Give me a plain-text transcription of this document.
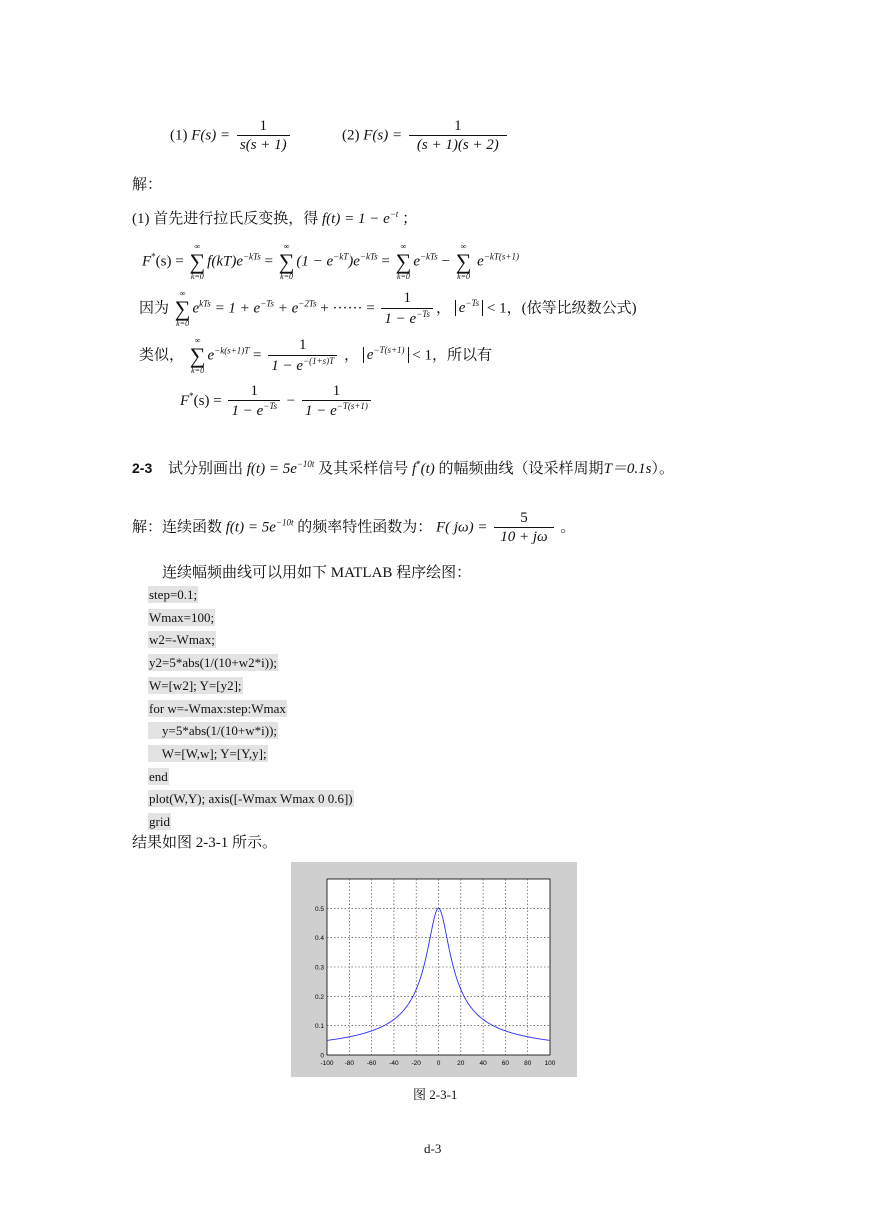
(1) $F(s) = \frac{1}{s(s + 1)}$	(2) $F(s) = \frac{1}{(s + 1)(s + 2)}$
解：
(1) 首先进行拉氏反变换，得 $f(t) = 1 - e^{-t}$ ；
F*(s) =
∞
∑
k=0
$f(kT)e^{-kTs}$ =
∞
∑
k=0
$(1 - e^{-kT})e^{-kTs}$ =
∞
∑
k=0
$e^{-kTs}$ −
∞
∑
k=0
$e^{-kT(s+1)}$
因为
∞
∑
k=0
$e^{kTs} = 1 + e^{-Ts} + e^{-2Ts}$ + ······ = $\frac{1}{1 - e^{-Ts}}$ ， $e^{-Ts} < 1$，(依等比级数公式)
类似，
∞
∑
k=0
$e^{-k(s+1)T} = \frac{1}{1 - e^{-(1+s)T}}$ ， $e^{-T(s+1)} < 1$，所以有
$F^*(s) = \frac{1}{1 - e^{-Ts}} - \frac{1}{1 - e^{-T(s+1)}}$
2-3 试分别画出 $f(t) = 5e^{-10t}$ 及其采样信号 f*(t) 的幅频曲线（设采样周期T＝0.1s）。
解：连续函数 $f(t) = 5e^{-10t}$ 的频率特性函数为： F( $j\omega) = \frac{5}{10 + j\omega}$ 。
连续幅频曲线可以用如下 MATLAB 程序绘图：
step=0.1;
Wmax=100;
w2=-Wmax;
y2=5*abs(1/(10+w2*i));
W=[w2]; Y=[y2];
for w=-Wmax:step:Wmax
y=5*abs(1/(10+w*i));
W=[W,w]; Y=[Y,y];
end
plot(W,Y); axis([-Wmax Wmax 0 0.6])
grid
结果如图 2-3-1 所示。
-100 -80 -60 -40 -20 0	20 40 60 80 100
0
0.1
0.2
0.3
0.4
0.5
图 2-3-1
d-3
